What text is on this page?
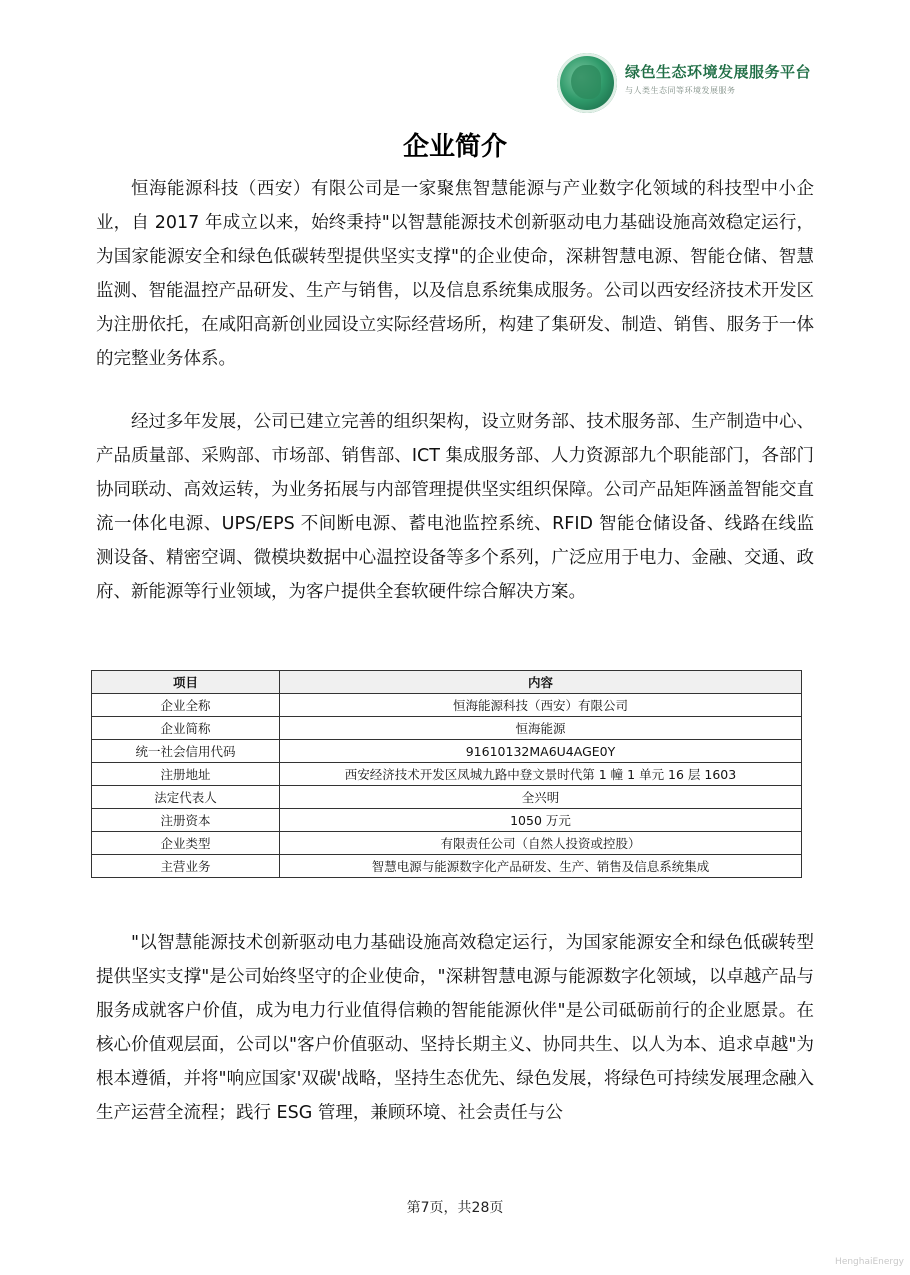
绿色生态环境发展服务平台
与人类生态同等环境发展服务
企业简介

恒海能源科技（西安）有限公司是一家聚焦智慧能源与产业数字化领域的科技型中小企业，自 2017 年成立以来，始终秉持"以智慧能源技术创新驱动电力基础设施高效稳定运行，为国家能源安全和绿色低碳转型提供坚实支撑"的企业使命，深耕智慧电源、智能仓储、智慧监测、智能温控产品研发、生产与销售，以及信息系统集成服务。公司以西安经济技术开发区为注册依托，在咸阳高新创业园设立实际经营场所，构建了集研发、制造、销售、服务于一体的完整业务体系。

经过多年发展，公司已建立完善的组织架构，设立财务部、技术服务部、生产制造中心、产品质量部、采购部、市场部、销售部、ICT 集成服务部、人力资源部九个职能部门，各部门协同联动、高效运转，为业务拓展与内部管理提供坚实组织保障。公司产品矩阵涵盖智能交直流一体化电源、UPS/EPS 不间断电源、蓄电池监控系统、RFID 智能仓储设备、线路在线监测设备、精密空调、微模块数据中心温控设备等多个系列，广泛应用于电力、金融、交通、政府、新能源等行业领域，为客户提供全套软硬件综合解决方案。

项目	内容
企业全称	恒海能源科技（西安）有限公司
企业简称	恒海能源
统一社会信用代码	91610132MA6U4AGE0Y
注册地址	西安经济技术开发区凤城九路中登文景时代第 1 幢 1 单元 16 层 1603
法定代表人	全兴明
注册资本	1050 万元
企业类型	有限责任公司（自然人投资或控股）
主营业务	智慧电源与能源数字化产品研发、生产、销售及信息系统集成

"以智慧能源技术创新驱动电力基础设施高效稳定运行，为国家能源安全和绿色低碳转型提供坚实支撑"是公司始终坚守的企业使命，"深耕智慧电源与能源数字化领域，以卓越产品与服务成就客户价值，成为电力行业值得信赖的智能能源伙伴"是公司砥砺前行的企业愿景。在核心价值观层面，公司以"客户价值驱动、坚持长期主义、协同共生、以人为本、追求卓越"为根本遵循，并将"响应国家'双碳'战略，坚持生态优先、绿色发展，将绿色可持续发展理念融入生产运营全流程；践行 ESG 管理，兼顾环境、社会责任与公

第7页，共28页
HenghaiEnergy
